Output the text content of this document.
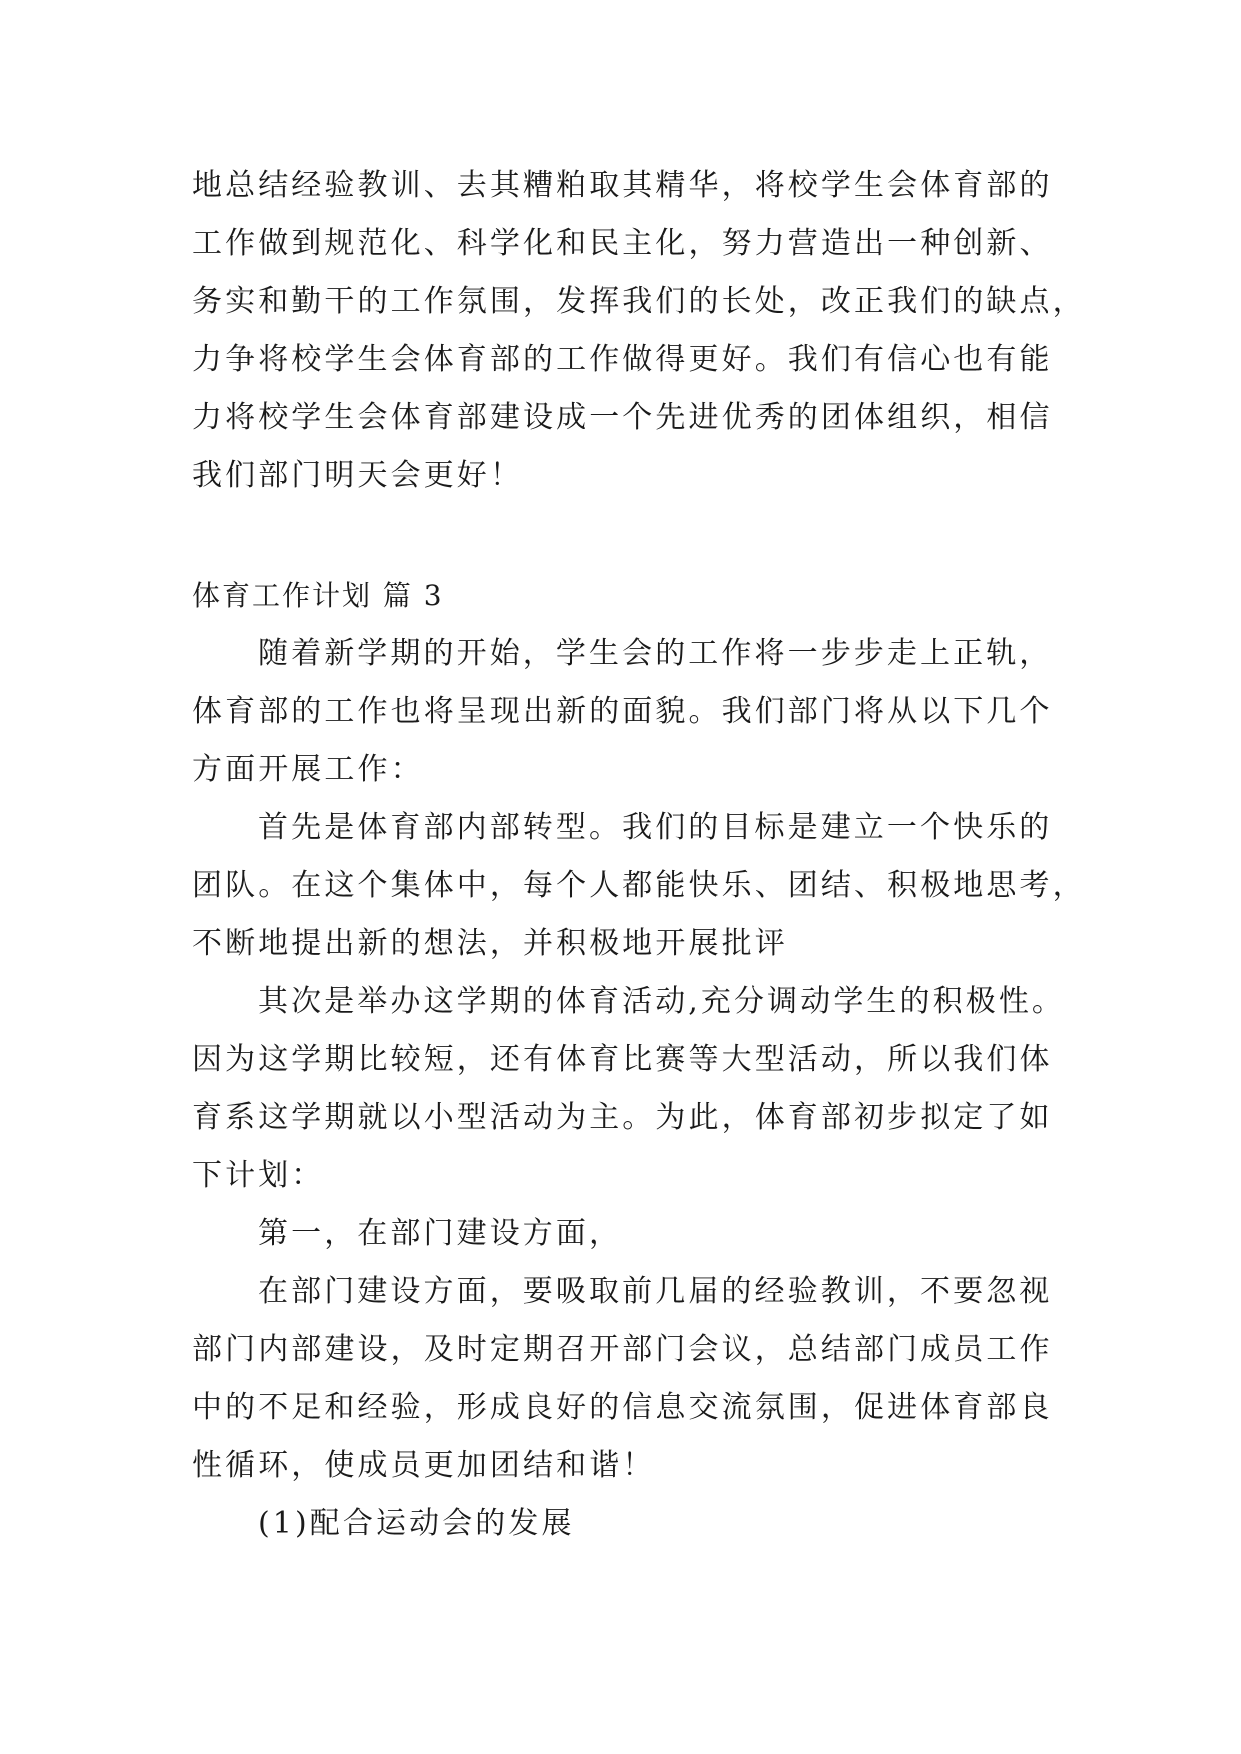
地总结经验教训、去其糟粕取其精华，将校学生会体育部的
工作做到规范化、科学化和民主化，努力营造出一种创新、
务实和勤干的工作氛围，发挥我们的长处，改正我们的缺点，
力争将校学生会体育部的工作做得更好。我们有信心也有能
力将校学生会体育部建设成一个先进优秀的团体组织，相信
我们部门明天会更好！
体育工作计划 篇 3
随着新学期的开始，学生会的工作将一步步走上正轨，
体育部的工作也将呈现出新的面貌。我们部门将从以下几个
方面开展工作：
首先是体育部内部转型。我们的目标是建立一个快乐的
团队。在这个集体中，每个人都能快乐、团结、积极地思考，
不断地提出新的想法，并积极地开展批评
其次是举办这学期的体育活动,充分调动学生的积极性。
因为这学期比较短，还有体育比赛等大型活动，所以我们体
育系这学期就以小型活动为主。为此，体育部初步拟定了如
下计划：
第一，在部门建设方面，
在部门建设方面，要吸取前几届的经验教训，不要忽视
部门内部建设，及时定期召开部门会议，总结部门成员工作
中的不足和经验，形成良好的信息交流氛围，促进体育部良
性循环，使成员更加团结和谐！
(1)配合运动会的发展
